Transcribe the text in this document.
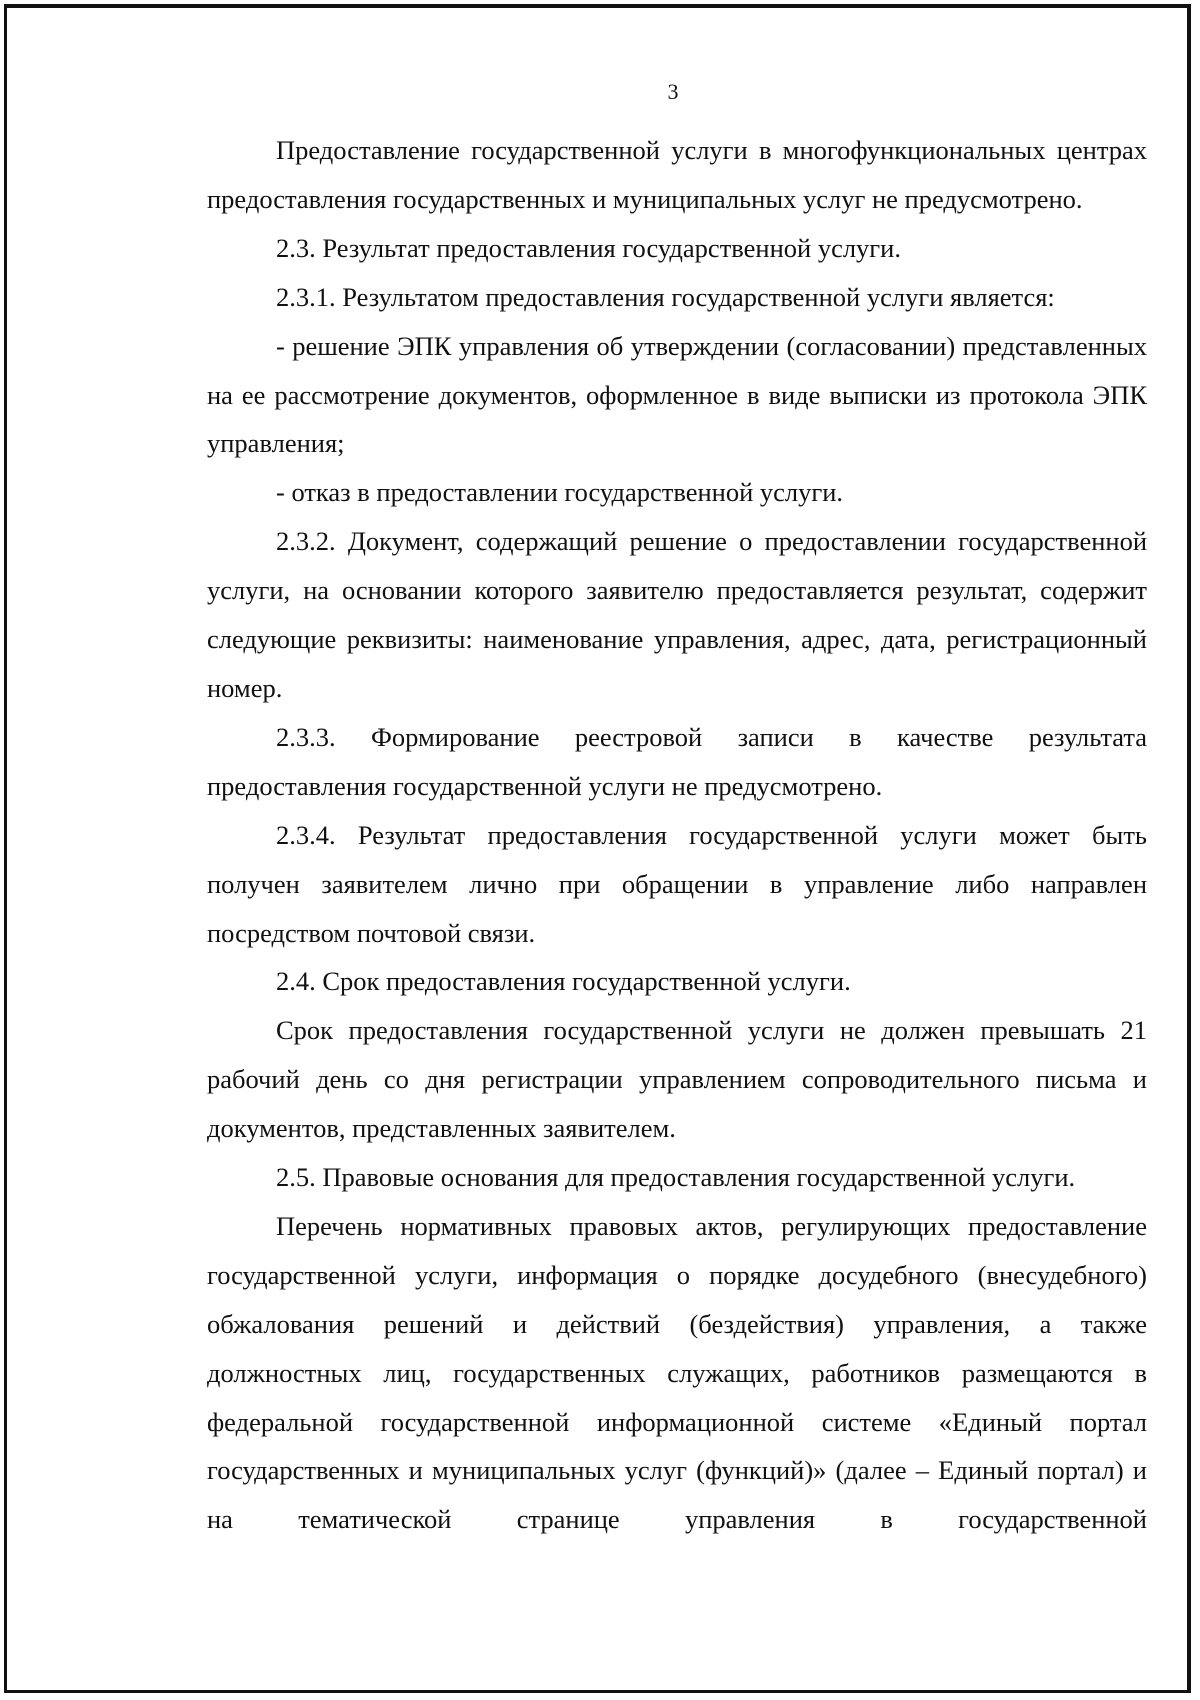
3

Предоставление государственной услуги в многофункциональных центрах предоставления государственных и муниципальных услуг не предусмотрено.

2.3. Результат предоставления государственной услуги.

2.3.1. Результатом предоставления государственной услуги является:

- решение ЭПК управления об утверждении (согласовании) представленных на ее рассмотрение документов, оформленное в виде выписки из протокола ЭПК управления;

- отказ в предоставлении государственной услуги.

2.3.2. Документ, содержащий решение о предоставлении государственной услуги, на основании которого заявителю предоставляется результат, содержит следующие реквизиты: наименование управления, адрес, дата, регистрационный номер.

2.3.3. Формирование реестровой записи в качестве результата предоставления государственной услуги не предусмотрено.

2.3.4. Результат предоставления государственной услуги может быть получен заявителем лично при обращении в управление либо направлен посредством почтовой связи.

2.4. Срок предоставления государственной услуги.

Срок предоставления государственной услуги не должен превышать 21 рабочий день со дня регистрации управлением сопроводительного письма и документов, представленных заявителем.

2.5. Правовые основания для предоставления государственной услуги.

Перечень нормативных правовых актов, регулирующих предоставление государственной услуги, информация о порядке досудебного (внесудебного) обжалования решений и действий (бездействия) управления, а также должностных лиц, государственных служащих, работников размещаются в федеральной государственной информационной системе «Единый портал государственных и муниципальных услуг (функций)» (далее – Единый портал) и на тематической странице управления в государственной
